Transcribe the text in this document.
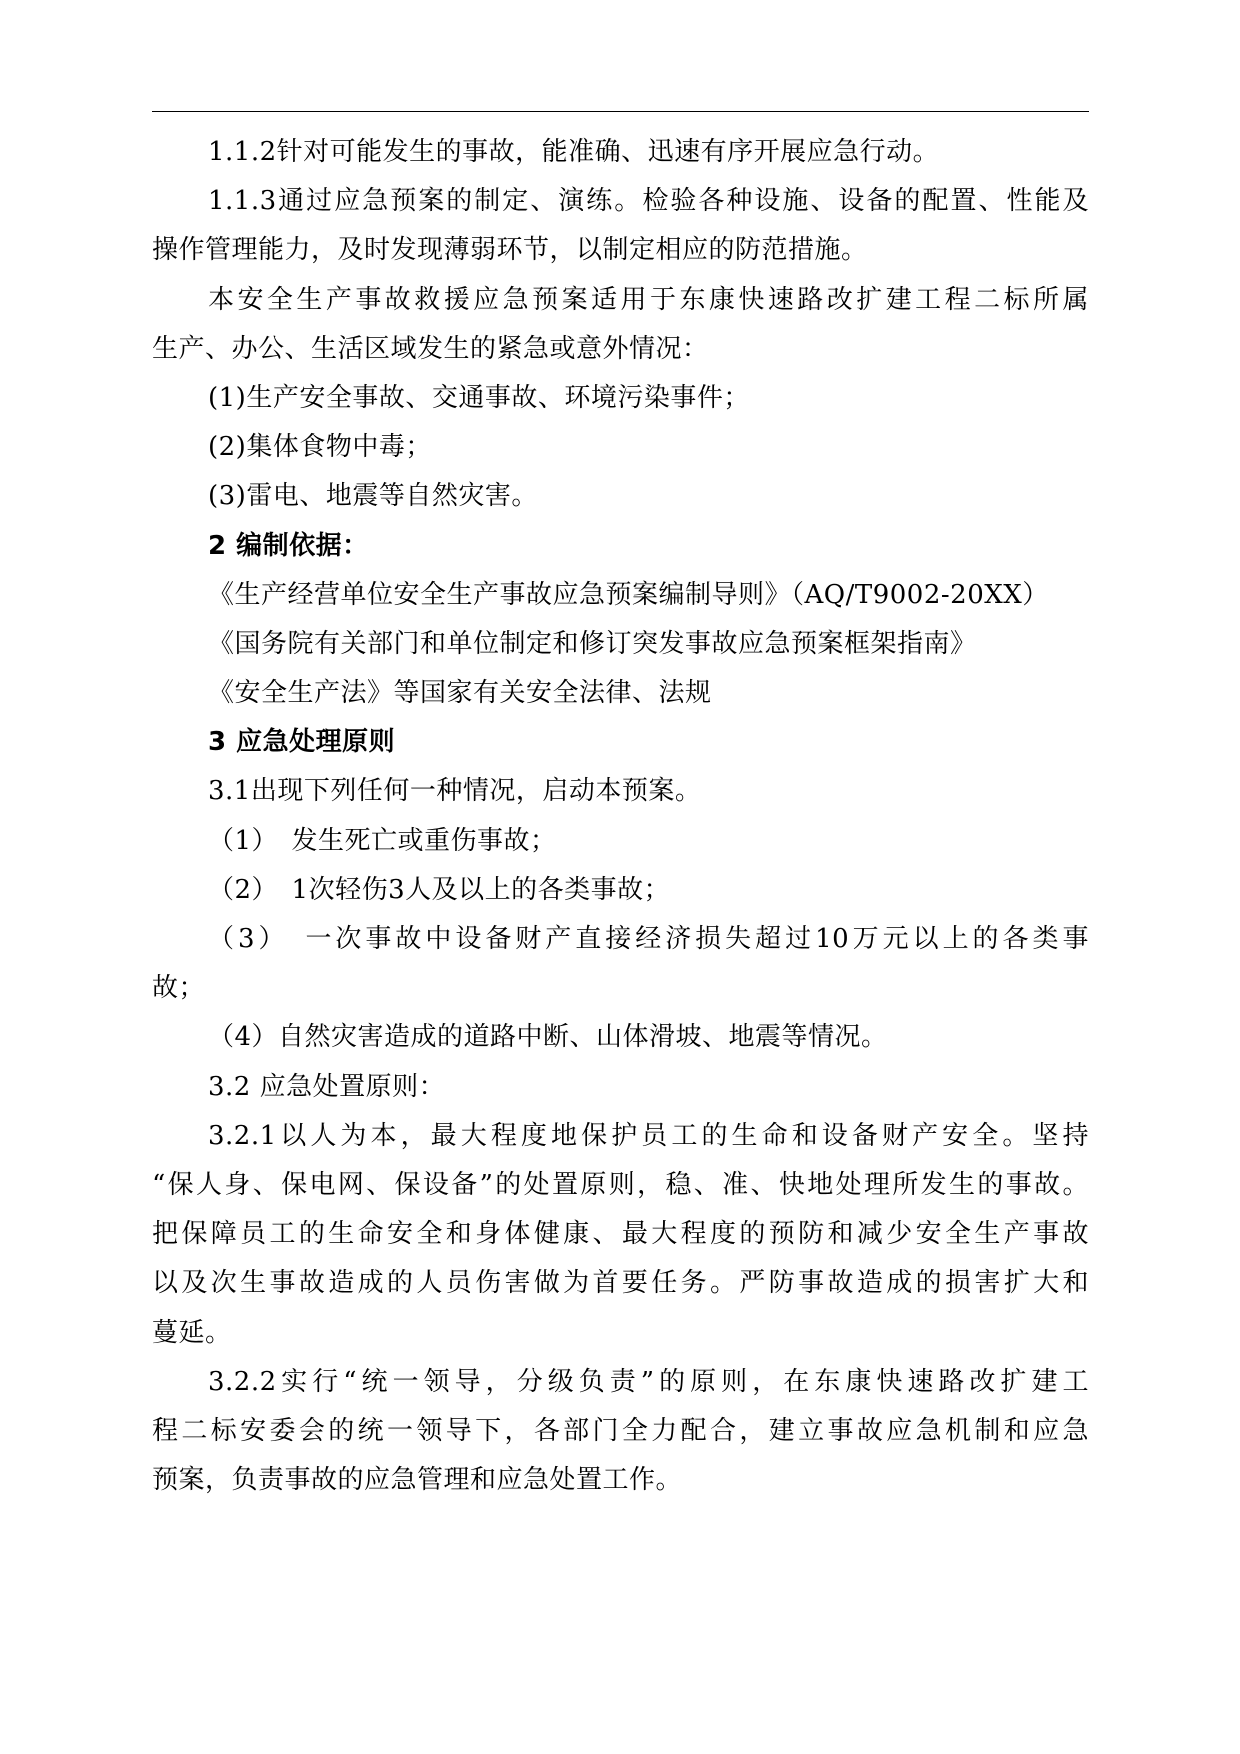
1.1.2针对可能发生的事故，能准确、迅速有序开展应急行动。
1.1.3通过应急预案的制定、演练。检验各种设施、设备的配置、性能及
操作管理能力，及时发现薄弱环节，以制定相应的防范措施。
本安全生产事故救援应急预案适用于东康快速路改扩建工程二标所属
生产、办公、生活区域发生的紧急或意外情况：
(1)生产安全事故、交通事故、环境污染事件；
(2)集体食物中毒；
(3)雷电、地震等自然灾害。
2 编制依据：
《生产经营单位安全生产事故应急预案编制导则》（AQ/T9002-20XX）
《国务院有关部门和单位制定和修订突发事故应急预案框架指南》
《安全生产法》等国家有关安全法律、法规
3 应急处理原则
3.1出现下列任何一种情况，启动本预案。
（1）　发生死亡或重伤事故；
（2）　1次轻伤3人及以上的各类事故；
（3）　一次事故中设备财产直接经济损失超过10万元以上的各类事
故；
（4）自然灾害造成的道路中断、山体滑坡、地震等情况。
3.2 应急处置原则：
3.2.1以人为本，最大程度地保护员工的生命和设备财产安全。坚持
“保人身、保电网、保设备”的处置原则，稳、准、快地处理所发生的事故。
把保障员工的生命安全和身体健康、最大程度的预防和减少安全生产事故
以及次生事故造成的人员伤害做为首要任务。严防事故造成的损害扩大和
蔓延。
3.2.2实行“统一领导，分级负责”的原则，在东康快速路改扩建工
程二标安委会的统一领导下，各部门全力配合，建立事故应急机制和应急
预案，负责事故的应急管理和应急处置工作。
